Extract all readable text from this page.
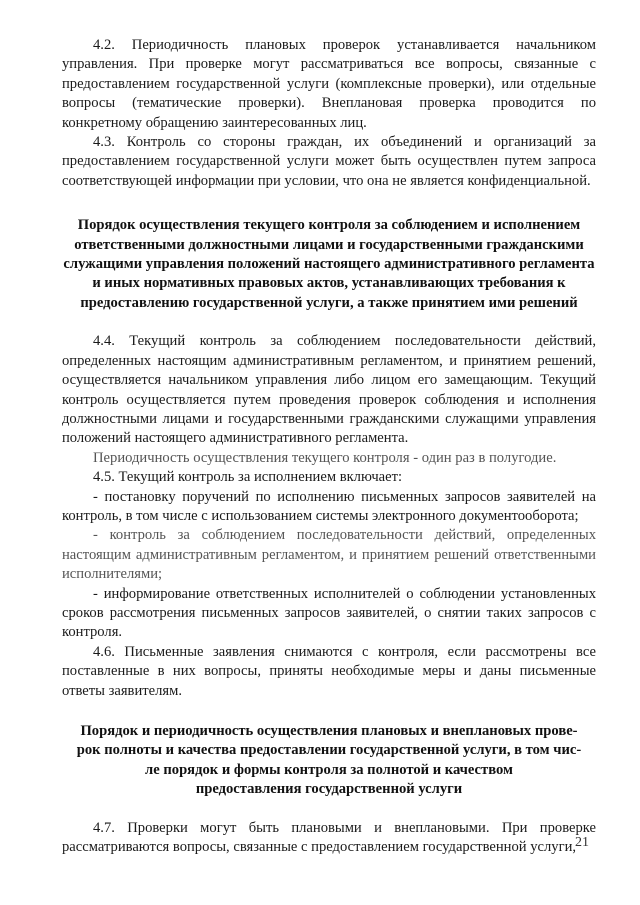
4.2. Периодичность плановых проверок устанавливается начальником управления. При проверке могут рассматриваться все вопросы, связанные с предоставлением государственной услуги (комплексные проверки), или отдельные вопросы (тематические проверки). Внеплановая проверка проводится по конкретному обращению заинтересованных лиц.

4.3. Контроль со стороны граждан, их объединений и организаций за предоставлением государственной услуги может быть осуществлен путем запроса соответствующей информации при условии, что она не является конфиденциальной.

Порядок осуществления текущего контроля за соблюдением и исполнением ответственными должностными лицами и государственными гражданскими служащими управления положений настоящего административного регламента и иных нормативных правовых актов, устанавливающих требования к предоставлению государственной услуги, а также принятием ими решений

4.4. Текущий контроль за соблюдением последовательности действий, определенных настоящим административным регламентом, и принятием решений, осуществляется начальником управления либо лицом его замещающим. Текущий контроль осуществляется путем проведения проверок соблюдения и исполнения должностными лицами и государственными гражданскими служащими управления положений настоящего административного регламента.

Периодичность осуществления текущего контроля - один раз в полугодие.

4.5. Текущий контроль за исполнением включает:

- постановку поручений по исполнению письменных запросов заявителей на контроль, в том числе с использованием системы электронного документооборота;

- контроль за соблюдением последовательности действий, определенных настоящим административным регламентом, и принятием решений ответственными исполнителями;

- информирование ответственных исполнителей о соблюдении установленных сроков рассмотрения письменных запросов заявителей, о снятии таких запросов с контроля.

4.6. Письменные заявления снимаются с контроля, если рассмотрены все поставленные в них вопросы, приняты необходимые меры и даны письменные ответы заявителям.

Порядок и периодичность осуществления плановых и внеплановых прове-
рок полноты и качества предоставлении государственной услуги, в том чис-
ле порядок и формы контроля за полнотой и качеством
предоставления государственной услуги

4.7. Проверки могут быть плановыми и внеплановыми. При проверке рассматриваются вопросы, связанные с предоставлением государственной услуги,

21
